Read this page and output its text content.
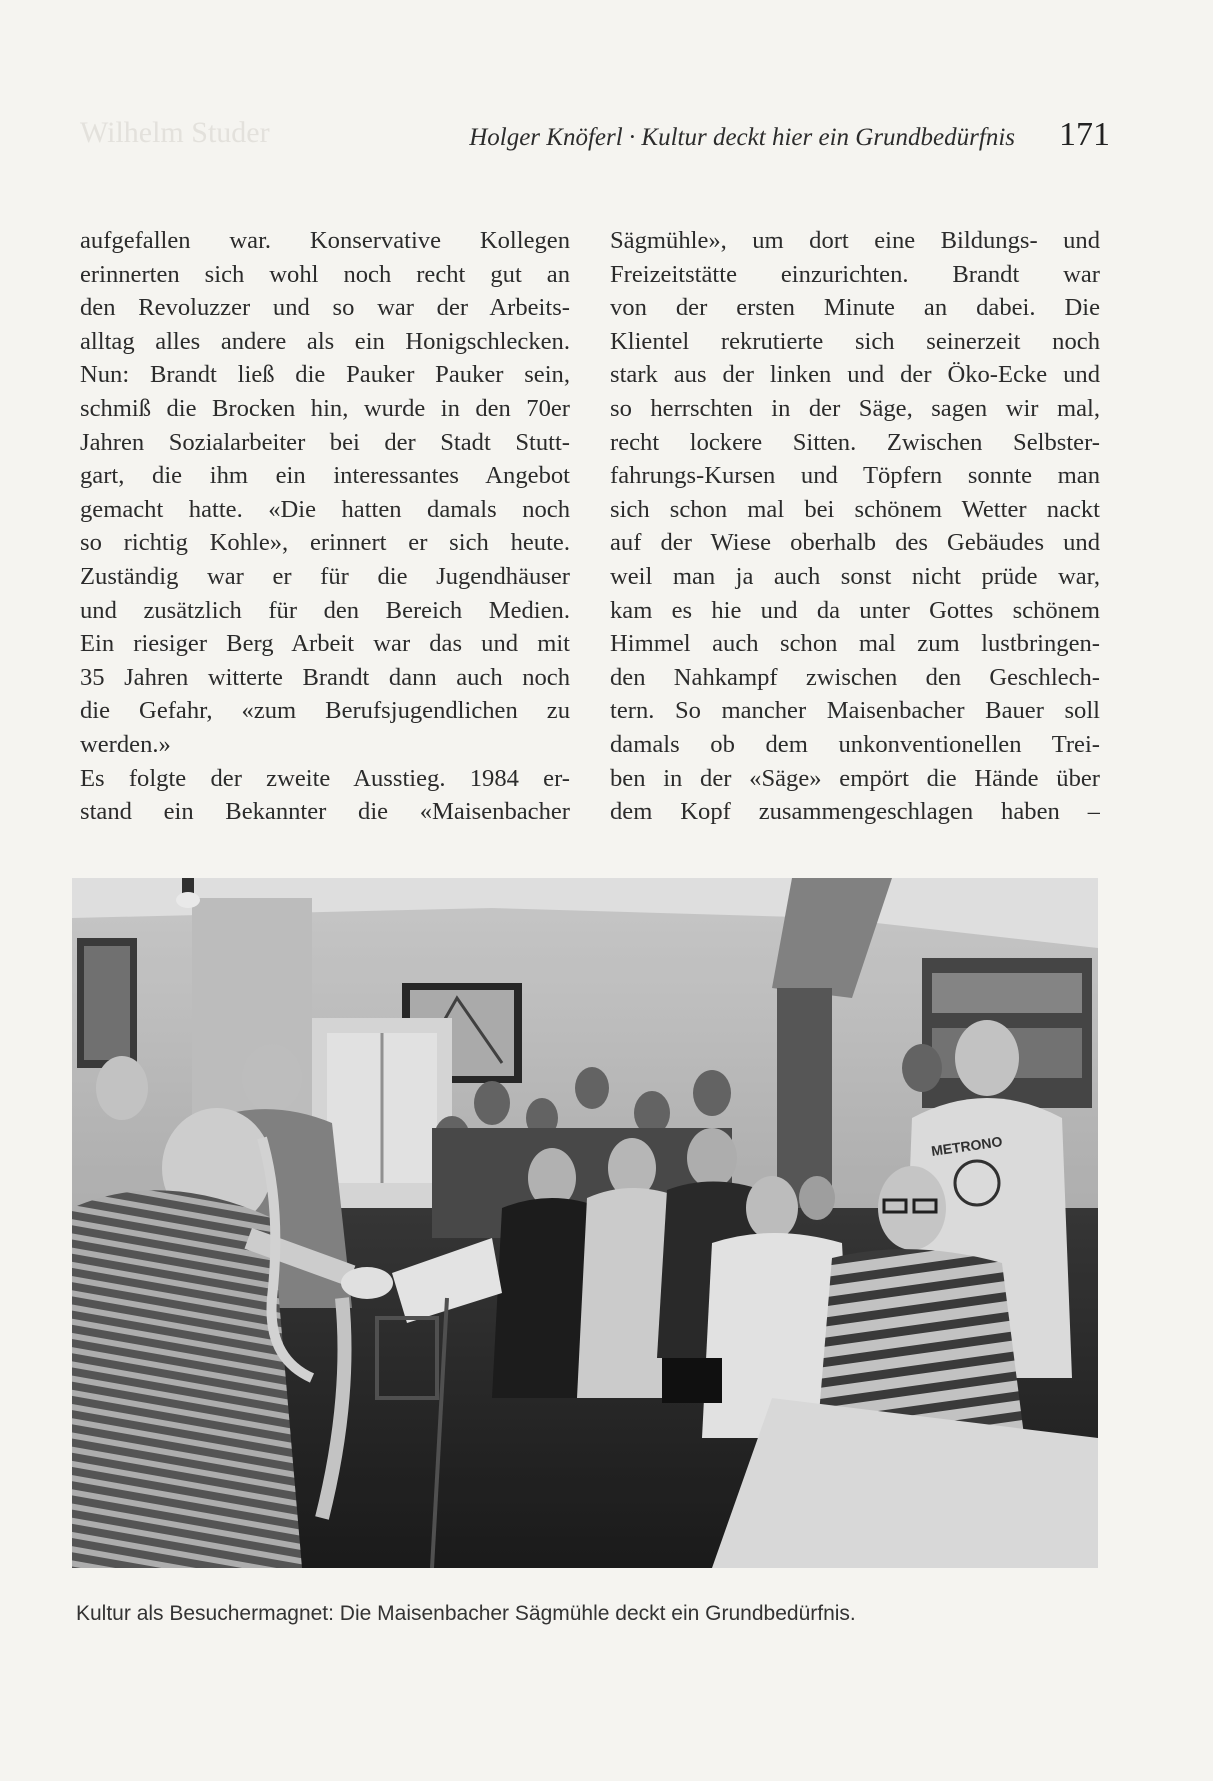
Wilhelm Studer	Holger Knöferl · Kultur deckt hier ein Grundbedürfnis 171
aufgefallen war. Konservative Kollegen
erinnerten sich wohl noch recht gut an
den Revoluzzer und so war der Arbeits-
alltag alles andere als ein Honigschlecken.
Nun: Brandt ließ die Pauker Pauker sein,
schmiß die Brocken hin, wurde in den 70er
Jahren Sozialarbeiter bei der Stadt Stutt-
gart, die ihm ein interessantes Angebot
gemacht hatte. «Die hatten damals noch
so richtig Kohle», erinnert er sich heute.
Zuständig war er für die Jugendhäuser
und zusätzlich für den Bereich Medien.
Ein riesiger Berg Arbeit war das und mit
35 Jahren witterte Brandt dann auch noch
die Gefahr, «zum Berufsjugendlichen zu
werden.»
Es folgte der zweite Ausstieg. 1984 er-
stand ein Bekannter die «Maisenbacher
Sägmühle», um dort eine Bildungs- und
Freizeitstätte einzurichten. Brandt war
von der ersten Minute an dabei. Die
Klientel rekrutierte sich seinerzeit noch
stark aus der linken und der Öko-Ecke und
so herrschten in der Säge, sagen wir mal,
recht lockere Sitten. Zwischen Selbster-
fahrungs-Kursen und Töpfern sonnte man
sich schon mal bei schönem Wetter nackt
auf der Wiese oberhalb des Gebäudes und
weil man ja auch sonst nicht prüde war,
kam es hie und da unter Gottes schönem
Himmel auch schon mal zum lustbringen-
den Nahkampf zwischen den Geschlech-
tern. So mancher Maisenbacher Bauer soll
damals ob dem unkonventionellen Trei-
ben in der «Säge» empört die Hände über
dem Kopf zusammengeschlagen haben –
METRONO
Kultur als Besuchermagnet: Die Maisenbacher Sägmühle deckt ein Grundbedürfnis.
